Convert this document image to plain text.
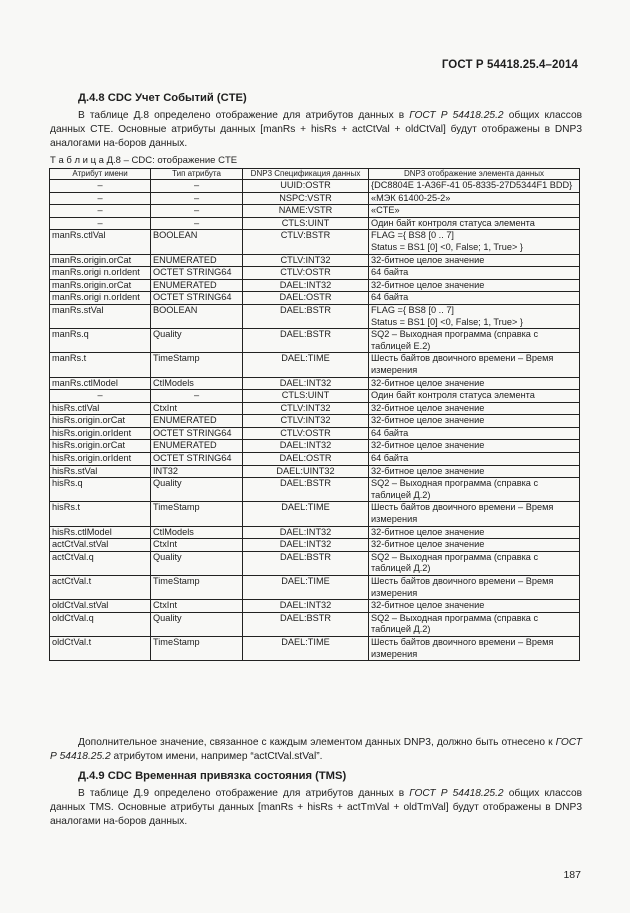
ГОСТ Р 54418.25.4–2014
Д.4.8 CDC Учет Событий (CTE)
В таблице Д.8 определено отображение для атрибутов данных в ГОСТ Р 54418.25.2 общих классов данных CTE. Основные атрибуты данных [manRs + hisRs + actCtVal + oldCtVal] будут отображены в DNP3 аналогами на-боров данных.
Т а б л и ц а Д.8 – CDC: отображение CTE
Атрибут имени	Тип атрибута	DNP3 Спецификация данных	DNP3 отображение элемента данных
–	–	UUID:OSTR	{DC8804E 1-A36F-41 05-8335-27D5344F1 BDD}
–	–	NSPC:VSTR	«МЭК 61400-25-2»
–	–	NAME:VSTR	«CTE»
–	–	CTLS:UINT	Один байт контроля статуса элемента
manRs.ctlVal	BOOLEAN	CTLV:BSTR	FLAG ={ BS8 [0 .. 7]
Status = BS1 [0] <0, False; 1, True> }
manRs.origin.orCat	ENUMERATED	CTLV:INT32	32-битное целое значение
manRs.origi n.orIdent	OCTET STRING64	CTLV:OSTR	64 байта
manRs.origin.orCat	ENUMERATED	DAEL:INT32	32-битное целое значение
manRs.origi n.orIdent	OCTET STRING64	DAEL:OSTR	64 байта
manRs.stVal	BOOLEAN	DAEL:BSTR	FLAG ={ BS8 [0 .. 7]
Status = BS1 [0] <0, False; 1, True> }
manRs.q	Quality	DAEL:BSTR	SQ2 – Выходная программа (справка с таблицей Е.2)
manRs.t	TimeStamp	DAEL:TIME	Шесть байтов двоичного времени – Время измерения
manRs.ctlModel	CtlModels	DAEL:INT32	32-битное целое значение
–	–	CTLS:UINT	Один байт контроля статуса элемента
hisRs.ctlVal	CtxInt	CTLV:INT32	32-битное целое значение
hisRs.origin.orCat	ENUMERATED	CTLV:INT32	32-битное целое значение
hisRs.origin.orIdent	OCTET STRING64	CTLV:OSTR	64 байта
hisRs.origin.orCat	ENUMERATED	DAEL:INT32	32-битное целое значение
hisRs.origin.orIdent	OCTET STRING64	DAEL:OSTR	64 байта
hisRs.stVal	INT32	DAEL:UINT32	32-битное целое значение
hisRs.q	Quality	DAEL:BSTR	SQ2 – Выходная программа (справка с таблицей Д.2)
hisRs.t	TimeStamp	DAEL:TIME	Шесть байтов двоичного времени – Время измерения
hisRs.ctlModel	CtlModels	DAEL:INT32	32-битное целое значение
actCtVal.stVal	CtxInt	DAEL:INT32	32-битное целое значение
actCtVal.q	Quality	DAEL:BSTR	SQ2 – Выходная программа (справка с таблицей Д.2)
actCtVal.t	TimeStamp	DAEL:TIME	Шесть байтов двоичного времени – Время измерения
oldCtVal.stVal	CtxInt	DAEL:INT32	32-битное целое значение
oldCtVal.q	Quality	DAEL:BSTR	SQ2 – Выходная программа (справка с таблицей Д.2)
oldCtVal.t	TimeStamp	DAEL:TIME	Шесть байтов двоичного времени – Время измерения
Дополнительное значение, связанное с каждым элементом данных DNP3, должно быть отнесено к ГОСТ Р 54418.25.2 атрибутом имени, например “actCtVal.stVal”.
Д.4.9 CDC Временная привязка состояния (TMS)
В таблице Д.9 определено отображение для атрибутов данных в ГОСТ Р 54418.25.2 общих классов данных TMS. Основные атрибуты данных [manRs + hisRs + actTmVal + oldTmVal] будут отображены в DNP3 аналогами на-боров данных.
187
